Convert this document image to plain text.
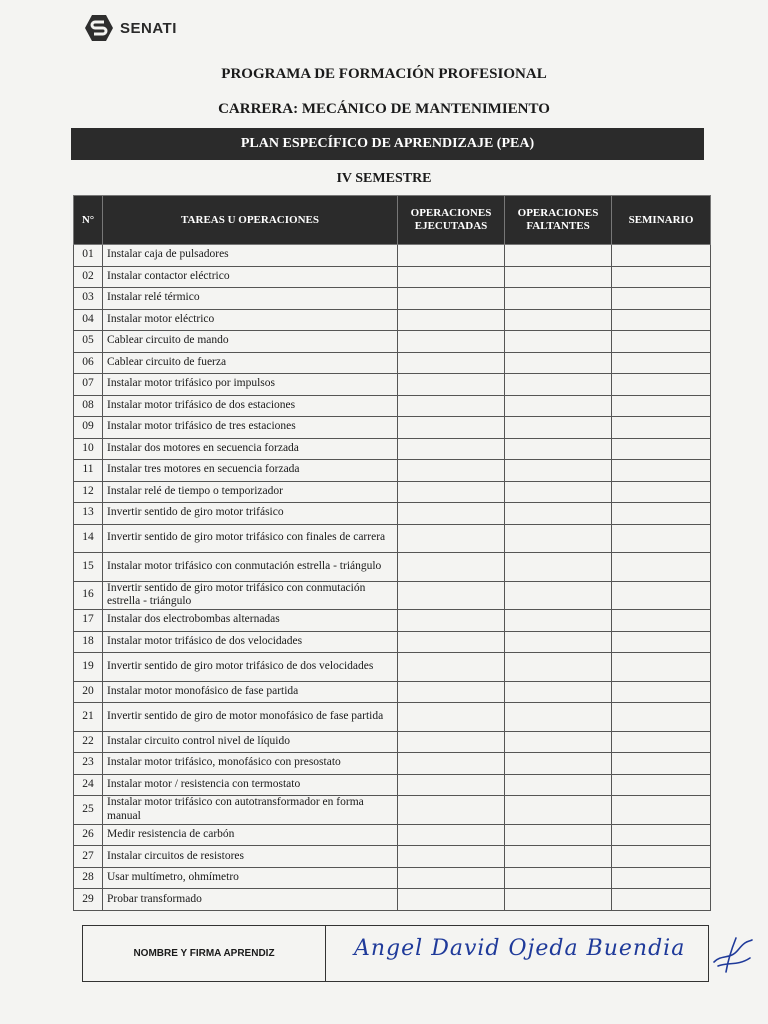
SENATI
PROGRAMA DE FORMACIÓN PROFESIONAL
CARRERA: MECÁNICO DE MANTENIMIENTO
PLAN ESPECÍFICO DE APRENDIZAJE (PEA)
IV SEMESTRE
N°	TAREAS U OPERACIONES	OPERACIONES EJECUTADAS	OPERACIONES FALTANTES	SEMINARIO
01	Instalar caja de pulsadores			
02	Instalar contactor eléctrico			
03	Instalar relé térmico			
04	Instalar motor eléctrico			
05	Cablear circuito de mando			
06	Cablear circuito de fuerza			
07	Instalar motor trifásico por impulsos			
08	Instalar motor trifásico de dos estaciones			
09	Instalar motor trifásico de tres estaciones			
10	Instalar dos motores en secuencia forzada			
11	Instalar tres motores en secuencia forzada			
12	Instalar relé de tiempo o temporizador			
13	Invertir sentido de giro motor trifásico			
14	Invertir sentido de giro motor trifásico con finales de carrera			
15	Instalar motor trifásico con conmutación estrella - triángulo			
16	Invertir sentido de giro motor trifásico con conmutación estrella - triángulo			
17	Instalar dos electrobombas alternadas			
18	Instalar motor trifásico de dos velocidades			
19	Invertir sentido de giro motor trifásico de dos velocidades			
20	Instalar motor monofásico de fase partida			
21	Invertir sentido de giro de motor monofásico de fase partida			
22	Instalar circuito control nivel de líquido			
23	Instalar motor trifásico, monofásico con presostato			
24	Instalar motor / resistencia con termostato			
25	Instalar motor trifásico con autotransformador en forma manual			
26	Medir resistencia de carbón			
27	Instalar circuitos de resistores			
28	Usar multímetro, ohmímetro			
29	Probar transformado			
NOMBRE Y FIRMA APRENDIZ	Angel David Ojeda Buendia
